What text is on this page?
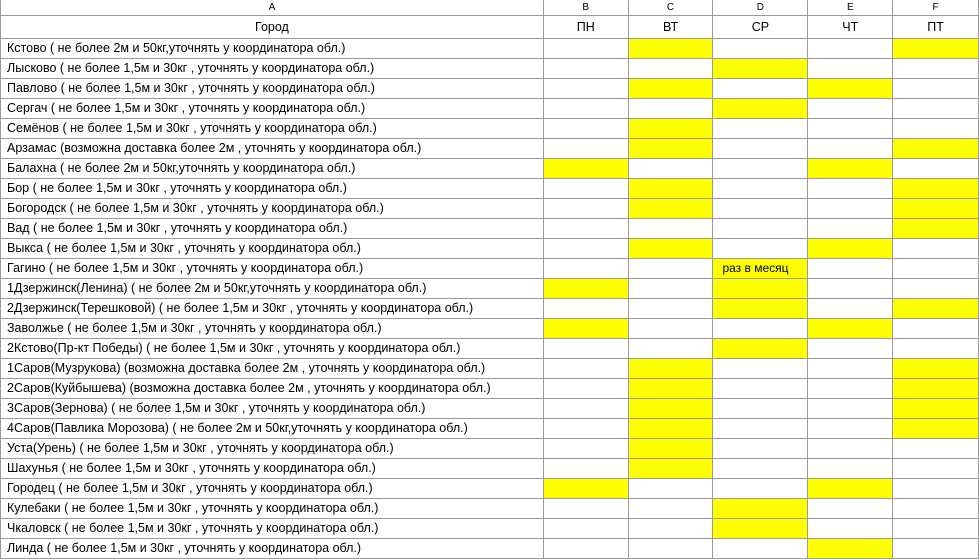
A	B	C	D	E	F
Город	ПН	ВТ	СР	ЧТ	ПТ
Кстово ( не более 2м и 50кг,уточнять у координатора обл.)					
Лысково ( не более 1,5м и 30кг , уточнять у координатора обл.)					
Павлово ( не более 1,5м и 30кг , уточнять у координатора обл.)					
Сергач ( не более 1,5м и 30кг , уточнять у координатора обл.)					
Семёнов ( не более 1,5м и 30кг , уточнять у координатора обл.)					
Арзамас (возможна доставка более 2м , уточнять у координатора обл.)					
Балахна ( не более 2м и 50кг,уточнять у координатора обл.)					
Бор ( не более 1,5м и 30кг , уточнять у координатора обл.)					
Богородск ( не более 1,5м и 30кг , уточнять у координатора обл.)					
Вад ( не более 1,5м и 30кг , уточнять у координатора обл.)					
Выкса ( не более 1,5м и 30кг , уточнять у координатора обл.)					
Гагино ( не более 1,5м и 30кг , уточнять у координатора обл.)			раз в месяц		
1Дзержинск(Ленина) ( не более 2м и 50кг,уточнять у координатора обл.)					
2Дзержинск(Терешковой) ( не более 1,5м и 30кг , уточнять у координатора обл.)					
Заволжье ( не более 1,5м и 30кг , уточнять у координатора обл.)					
2Кстово(Пр-кт Победы) ( не более 1,5м и 30кг , уточнять у координатора обл.)					
1Саров(Музрукова) (возможна доставка более 2м , уточнять у координатора обл.)					
2Саров(Куйбышева) (возможна доставка более 2м , уточнять у координатора обл.)					
3Саров(Зернова) ( не более 1,5м и 30кг , уточнять у координатора обл.)					
4Саров(Павлика Морозова) ( не более 2м и 50кг,уточнять у координатора обл.)					
Уста(Урень) ( не более 1,5м и 30кг , уточнять у координатора обл.)					
Шахунья ( не более 1,5м и 30кг , уточнять у координатора обл.)					
Городец ( не более 1,5м и 30кг , уточнять у координатора обл.)					
Кулебаки ( не более 1,5м и 30кг , уточнять у координатора обл.)					
Чкаловск ( не более 1,5м и 30кг , уточнять у координатора обл.)					
Линда ( не более 1,5м и 30кг , уточнять у координатора обл.)					
